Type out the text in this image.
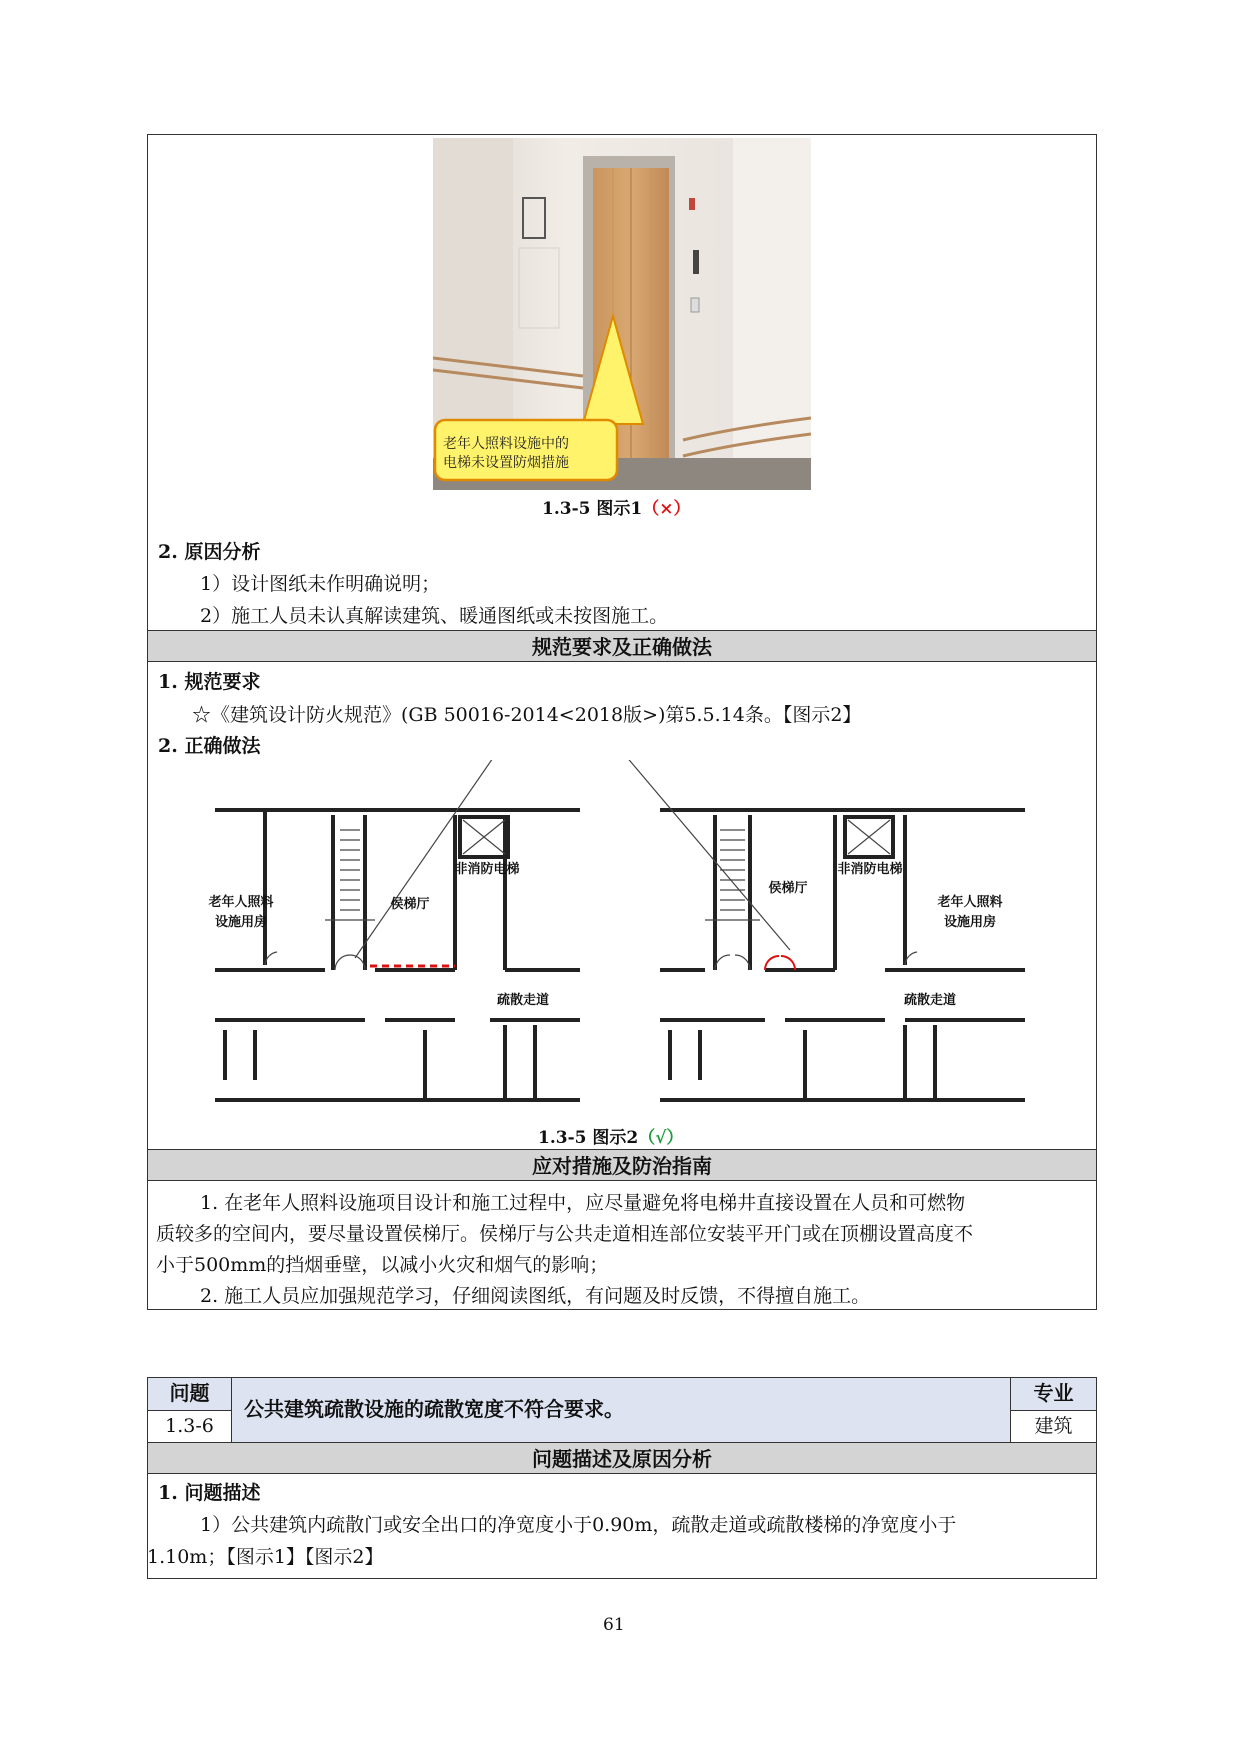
规范要求及正确做法
应对措施及防治指南
老年人照料设施中的
电梯未设置防烟措施
1.3-5 图示1（×）
2. 原因分析
1）设计图纸未作明确说明；
2）施工人员未认真解读建筑、暖通图纸或未按图施工。
1. 规范要求
☆《建筑设计防火规范》(GB 50016-2014<2018版>)第5.5.14条。【图示2】
2. 正确做法
非消防电梯
侯梯厅
老年人照料
设施用房
疏散走道
非消防电梯
侯梯厅
老年人照料
设施用房
疏散走道
1.3-5 图示2（√）
1. 在老年人照料设施项目设计和施工过程中，应尽量避免将电梯井直接设置在人员和可燃物
质较多的空间内，要尽量设置侯梯厅。侯梯厅与公共走道相连部位安装平开门或在顶棚设置高度不
小于500mm的挡烟垂壁，以减小火灾和烟气的影响；
2. 施工人员应加强规范学习，仔细阅读图纸，有问题及时反馈，不得擅自施工。
问题
1.3-6
公共建筑疏散设施的疏散宽度不符合要求。
专业
建筑
问题描述及原因分析
1. 问题描述
1）公共建筑内疏散门或安全出口的净宽度小于0.90m，疏散走道或疏散楼梯的净宽度小于
1.10m；【图示1】【图示2】
61
